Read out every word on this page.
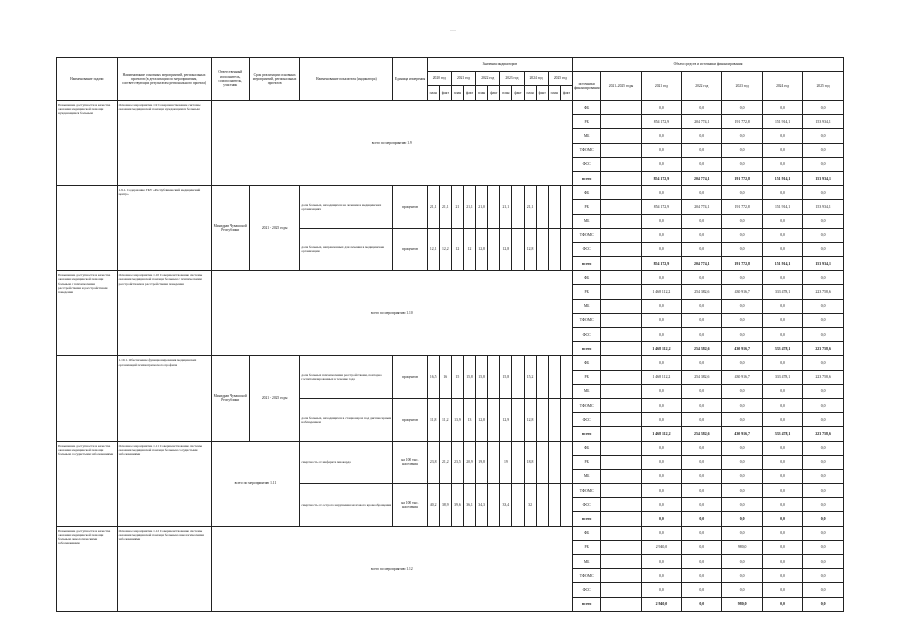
…
Наименование задачи	Наименование основных мероприятий, региональных проектов (в детализации по мероприятиям, соответствующих результатам регионального проекта)	Ответственный исполнитель, соисполнитель, участник	Срок реализации основных мероприятий, региональных проектов	Наименование показателя (индикатора)	Единица измерения	Значения индикаторов												Объем средств и источники финансирования						
						2020 год		2021 год		2022 год		2023 год		2024 год		2025 год		источники финансирования	2021–2025 годы	2021 год	2022 год	2023 год	2024 год	2025 год
						план	факт	план	факт	план	факт	план	факт	план	факт	план	факт							
Повышение доступности и качества оказания медицинской помощи нуждающимся больным	Основное мероприятие 1.9 Совершенствование системы оказания медицинской помощи нуждающимся больным	всего по мероприятию 1.9																ФБ		0,0	0,0	0,0	0,0	0,0
																		РБ		854 172,9	204 774,1	191 772,8	151 914,1	153 934,1
																		МБ		0,0	0,0	0,0	0,0	0,0
																		ТФОМС		0,0	0,0	0,0	0,0	0,0
																		ФСС		0,0	0,0	0,0	0,0	0,0
																		всего		854 172,9	204 774,1	191 772,8	151 914,1	153 934,1
	1.9.1. Содержание ГКУ «Республиканский медицинский центр»	Минздрав Чувашской Республики	2021 - 2025 годы	доля больных, находящихся на лечении в медицинских организациях	процентов	21,1	21,1	21	21,1	21,0		21,1		21,1				ФБ		0,0	0,0	0,0	0,0	0,0
																		РБ		854 172,9	204 774,1	191 772,8	151 914,1	153 934,1
																		МБ		0,0	0,0	0,0	0,0	0,0
				доля больных, направленных для лечения в медицинские организации	процентов	12,1	12,2	12	12	12,8		12,8		12,8				ТФОМС		0,0	0,0	0,0	0,0	0,0
																		ФСС		0,0	0,0	0,0	0,0	0,0
																		всего		854 172,9	204 774,1	191 772,8	151 914,1	153 934,1
Повышение доступности и качества оказания медицинской помощи больным с психическими расстройствами и расстройствами поведения	Основное мероприятие 1.10 Совершенствование системы оказания медицинской помощи больным с психическими расстройствами и расстройствами поведения	всего по мероприятию 1.10																ФБ		0,0	0,0	0,0	0,0	0,0
																		РБ		1 468 112,2	254 382,6	430 916,7	333 478,1	223 758,6
																		МБ		0,0	0,0	0,0	0,0	0,0
																		ТФОМС		0,0	0,0	0,0	0,0	0,0
																		ФСС		0,0	0,0	0,0	0,0	0,0
																		всего		1 468 112,2	254 382,6	430 916,7	333 478,1	223 758,6
	1.10.1. Обеспечение функционирования медицинских организаций психиатрического профиля	Минздрав Чувашской Республики	2021 - 2025 годы	доля больных психическими расстройствами, повторно госпитализированных в течение года	процентов	16,5	16	15	15,8	15,8		15,8		15,2				ФБ		0,0	0,0	0,0	0,0	0,0
																		РБ		1 468 112,2	254 382,6	430 916,7	333 478,1	223 758,6
																		МБ		0,0	0,0	0,0	0,0	0,0
				доля больных, находящихся в стационарах под диспансерным наблюдением	процентов	11,8	11,2	13,9	13	12,8		12,9		12,8				ТФОМС		0,0	0,0	0,0	0,0	0,0
																		ФСС		0,0	0,0	0,0	0,0	0,0
																		всего		1 468 112,2	254 382,6	430 916,7	333 478,1	223 758,6
Повышение доступности и качества оказания медицинской помощи больным сосудистыми заболеваниями	Основное мероприятие 1.11 Совершенствование системы оказания медицинской помощи больным сосудистыми заболеваниями	всего по мероприятию 1.11		смертность от инфаркта миокарда	на 100 тыс. населения	23,8	21,2	23,5	20,9	19,8		19		18,8				ФБ		0,0	0,0	0,0	0,0	0,0
																		РБ		0,0	0,0	0,0	0,0	0,0
																		МБ		0,0	0,0	0,0	0,0	0,0
				смертность от острого нарушения мозгового кровообращения	на 100 тыс. населения	40,2	38,9	39,6	36,1	34,3		33,4		32				ТФОМС		0,0	0,0	0,0	0,0	0,0
																		ФСС		0,0	0,0	0,0	0,0	0,0
																		всего		0,0	0,0	0,0	0,0	0,0
Повышение доступности и качества оказания медицинской помощи больным онкологическими заболеваниями	Основное мероприятие 1.12 Совершенствование системы оказания медицинской помощи больным онкологическими заболеваниями	всего по мероприятию 1.12																ФБ		0,0	0,0	0,0	0,0	0,0
																		РБ		2 940,0	0,0	980,0	0,0	0,0
																		МБ		0,0	0,0	0,0	0,0	0,0
																		ТФОМС		0,0	0,0	0,0	0,0	0,0
																		ФСС		0,0	0,0	0,0	0,0	0,0
																		всего		2 940,0	0,0	980,0	0,0	0,0
